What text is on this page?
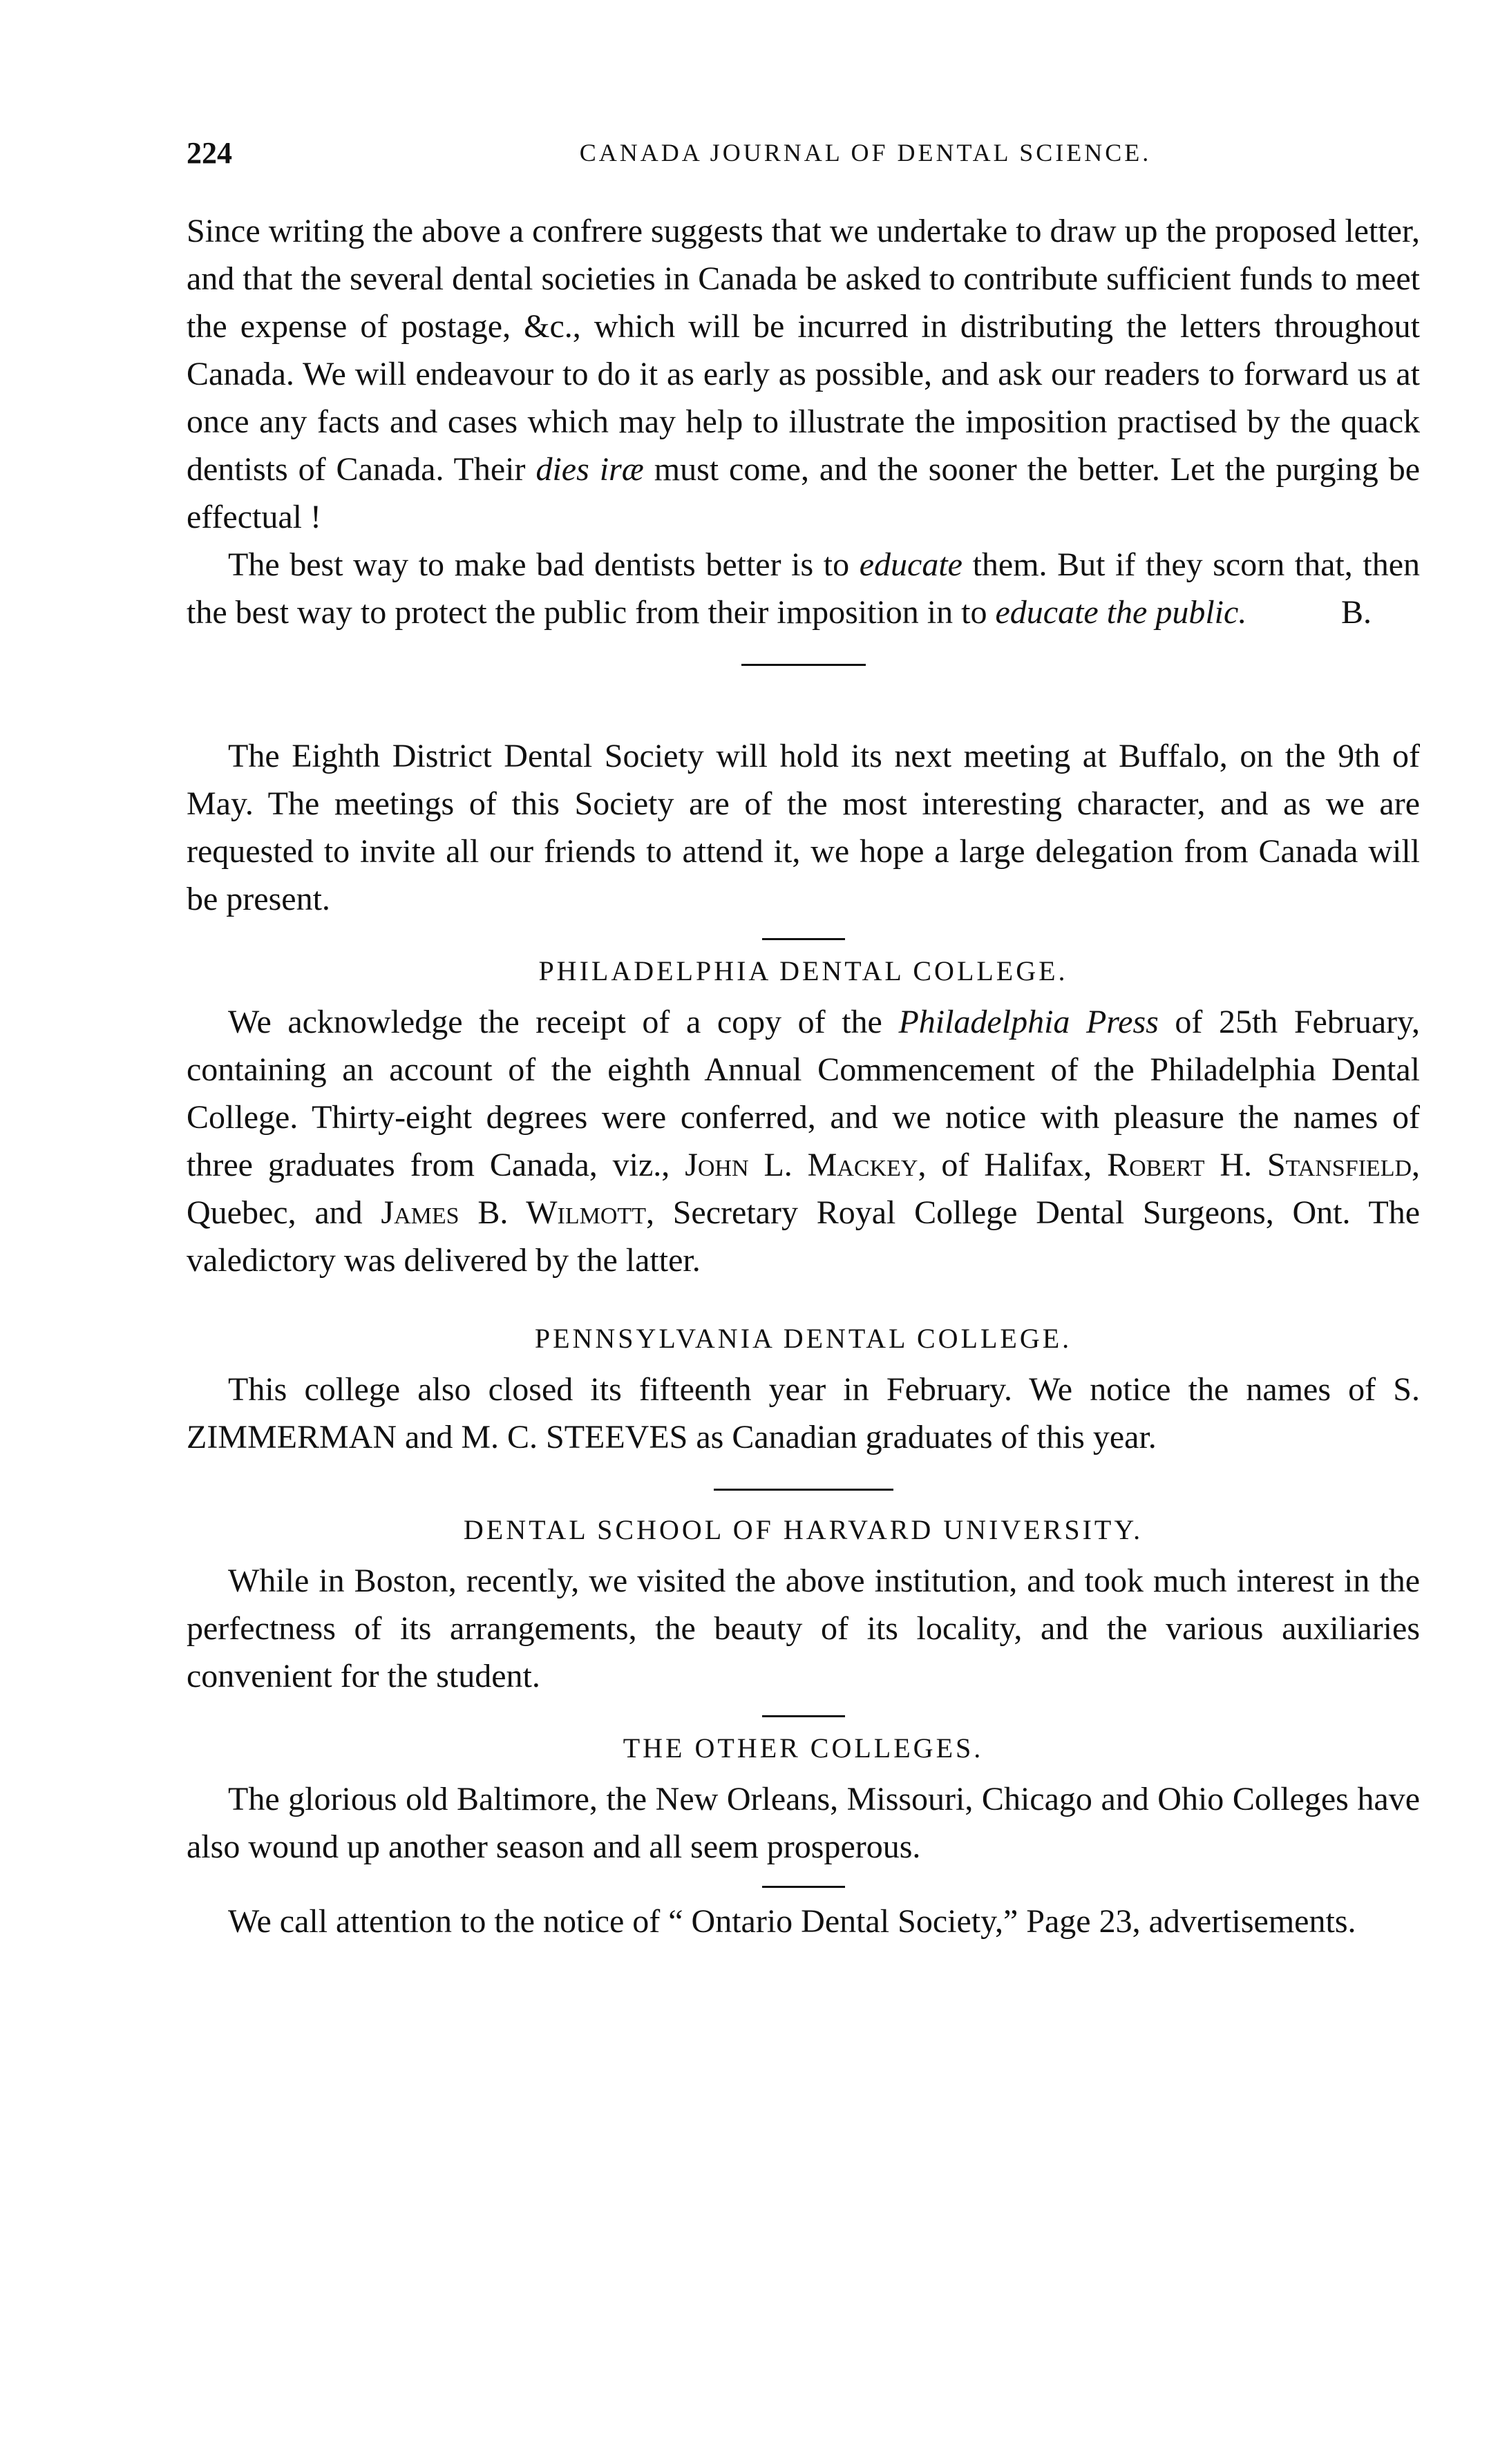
224	CANADA JOURNAL OF DENTAL SCIENCE.

Since writing the above a confrere suggests that we undertake to draw up the proposed letter, and that the several dental societies in Canada be asked to contribute sufficient funds to meet the expense of postage, &c., which will be incurred in distributing the letters throughout Canada. We will endeavour to do it as early as possible, and ask our readers to forward us at once any facts and cases which may help to illustrate the imposition practised by the quack dentists of Canada. Their dies iræ must come, and the sooner the better. Let the purging be effectual !

The best way to make bad dentists better is to educate them. But if they scorn that, then the best way to protect the public from their imposition in to educate the public.	B.

The Eighth District Dental Society will hold its next meeting at Buffalo, on the 9th of May. The meetings of this Society are of the most interesting character, and as we are requested to invite all our friends to attend it, we hope a large delegation from Canada will be present.

PHILADELPHIA DENTAL COLLEGE.

We acknowledge the receipt of a copy of the Philadelphia Press of 25th February, containing an account of the eighth Annual Commencement of the Philadelphia Dental College. Thirty-eight degrees were conferred, and we notice with pleasure the names of three graduates from Canada, viz., John L. Mackey, of Halifax, Robert H. Stansfield, Quebec, and James B. Wilmott, Secretary Royal College Dental Surgeons, Ont. The valedictory was delivered by the latter.

PENNSYLVANIA DENTAL COLLEGE.

This college also closed its fifteenth year in February. We notice the names of S. ZIMMERMAN and M. C. STEEVES as Canadian graduates of this year.

DENTAL SCHOOL OF HARVARD UNIVERSITY.

While in Boston, recently, we visited the above institution, and took much interest in the perfectness of its arrangements, the beauty of its locality, and the various auxiliaries convenient for the student.

THE OTHER COLLEGES.

The glorious old Baltimore, the New Orleans, Missouri, Chicago and Ohio Colleges have also wound up another season and all seem prosperous.

We call attention to the notice of “ Ontario Dental Society,” Page 23, advertisements.
